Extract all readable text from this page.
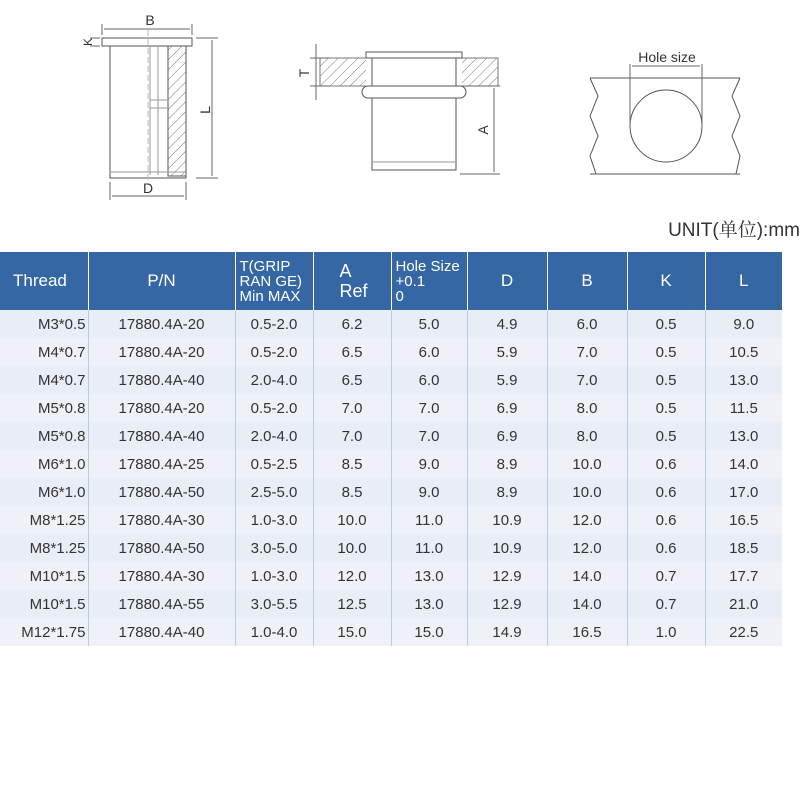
B
K
L
D
T
A
Hole size
UNIT(单位):mm
Thread	P/N	T(GRIP
RAN GE)
Min MAX	A
Ref	Hole Size
+0.1
0	D	B	K	L

M3*0.5	17880.4A-20	0.5-2.0	6.2	5.0	4.9	6.0	0.5	9.0
M4*0.7	17880.4A-20	0.5-2.0	6.5	6.0	5.9	7.0	0.5	10.5
M4*0.7	17880.4A-40	2.0-4.0	6.5	6.0	5.9	7.0	0.5	13.0
M5*0.8	17880.4A-20	0.5-2.0	7.0	7.0	6.9	8.0	0.5	11.5
M5*0.8	17880.4A-40	2.0-4.0	7.0	7.0	6.9	8.0	0.5	13.0
M6*1.0	17880.4A-25	0.5-2.5	8.5	9.0	8.9	10.0	0.6	14.0
M6*1.0	17880.4A-50	2.5-5.0	8.5	9.0	8.9	10.0	0.6	17.0
M8*1.25	17880.4A-30	1.0-3.0	10.0	11.0	10.9	12.0	0.6	16.5
M8*1.25	17880.4A-50	3.0-5.0	10.0	11.0	10.9	12.0	0.6	18.5
M10*1.5	17880.4A-30	1.0-3.0	12.0	13.0	12.9	14.0	0.7	17.7
M10*1.5	17880.4A-55	3.0-5.5	12.5	13.0	12.9	14.0	0.7	21.0
M12*1.75	17880.4A-40	1.0-4.0	15.0	15.0	14.9	16.5	1.0	22.5
